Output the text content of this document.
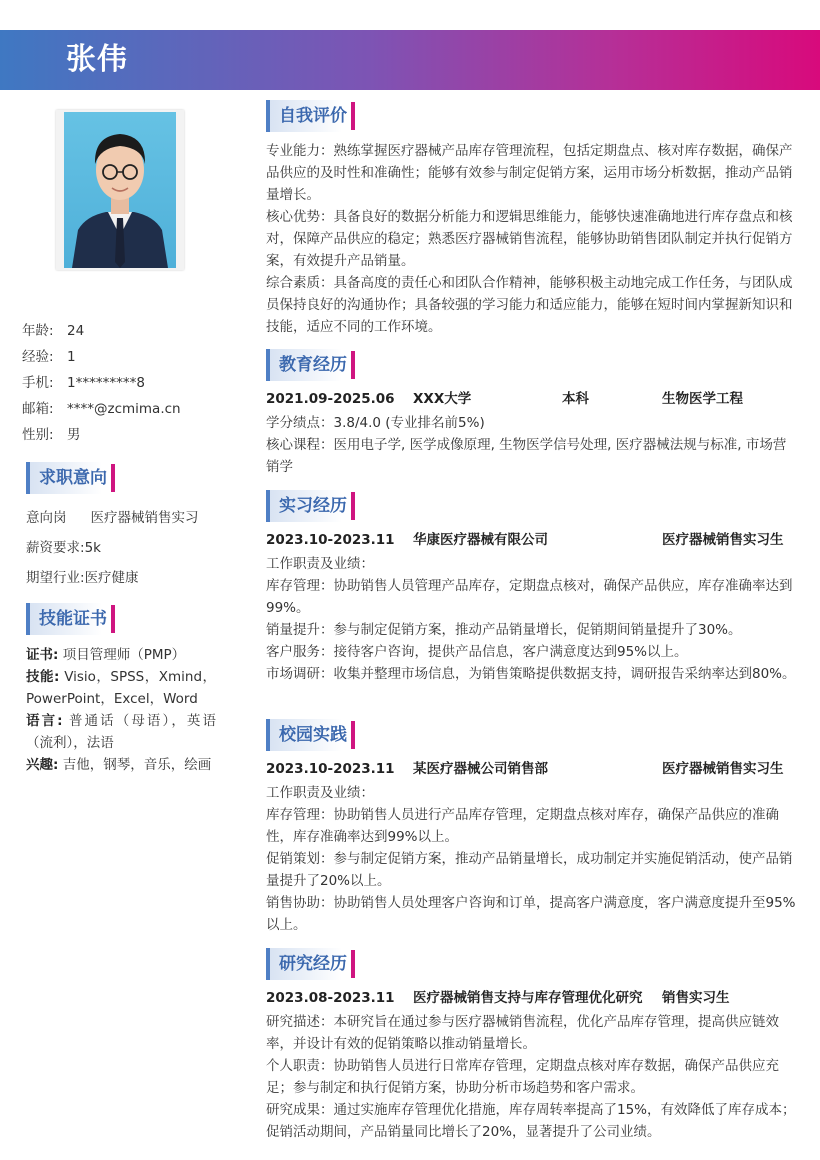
张伟
年龄: 24
经验: 1
手机: 1*********8
邮箱: ****@zcmima.cn
性别: 男
求职意向
意向岗 医疗器械销售实习
薪资要求:5k
期望行业:医疗健康
技能证书

证书: 项目管理师（PMP）

技能: Visio，SPSS，Xmind，PowerPoint，Excel，Word

语言: 普通话（母语），英语（流利），法语

兴趣: 吉他，钢琴，音乐，绘画

自我评价

专业能力：熟练掌握医疗器械产品库存管理流程，包括定期盘点、核对库存数据，确保产品供应的及时性和准确性；能够有效参与制定促销方案，运用市场分析数据，推动产品销量增长。

核心优势：具备良好的数据分析能力和逻辑思维能力，能够快速准确地进行库存盘点和核对，保障产品供应的稳定；熟悉医疗器械销售流程，能够协助销售团队制定并执行促销方案，有效提升产品销量。

综合素质：具备高度的责任心和团队合作精神，能够积极主动地完成工作任务，与团队成员保持良好的沟通协作；具备较强的学习能力和适应能力，能够在短时间内掌握新知识和技能，适应不同的工作环境。

教育经历
2021.09-2025.06 XXX大学	本科	生物医学工程

学分绩点：3.8/4.0 (专业排名前5%)

核心课程：医用电子学, 医学成像原理, 生物医学信号处理, 医疗器械法规与标准, 市场营销学

实习经历
2023.10-2023.11 华康医疗器械有限公司	医疗器械销售实习生

工作职责及业绩：

库存管理：协助销售人员管理产品库存，定期盘点核对，确保产品供应，库存准确率达到99%。

销量提升：参与制定促销方案，推动产品销量增长，促销期间销量提升了30%。

客户服务：接待客户咨询，提供产品信息，客户满意度达到95%以上。

市场调研：收集并整理市场信息，为销售策略提供数据支持，调研报告采纳率达到80%。

校园实践
2023.10-2023.11 某医疗器械公司销售部	医疗器械销售实习生

工作职责及业绩：

库存管理：协助销售人员进行产品库存管理，定期盘点核对库存，确保产品供应的准确性，库存准确率达到99%以上。

促销策划：参与制定促销方案，推动产品销量增长，成功制定并实施促销活动，使产品销量提升了20%以上。

销售协助：协助销售人员处理客户咨询和订单，提高客户满意度，客户满意度提升至95%以上。

研究经历
2023.08-2023.11 医疗器械销售支持与库存管理优化研究 销售实习生

研究描述：本研究旨在通过参与医疗器械销售流程，优化产品库存管理，提高供应链效率，并设计有效的促销策略以推动销量增长。

个人职责：协助销售人员进行日常库存管理，定期盘点核对库存数据，确保产品供应充足；参与制定和执行促销方案，协助分析市场趋势和客户需求。

研究成果：通过实施库存管理优化措施，库存周转率提高了15%，有效降低了库存成本；促销活动期间，产品销量同比增长了20%，显著提升了公司业绩。
